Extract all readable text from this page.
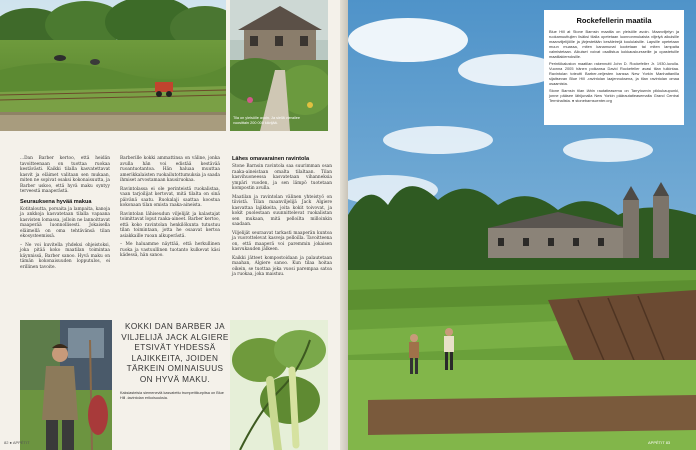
Tila on yleisölle avoin. Ja siellä vierailee vuosittain 200 000 kävijää.

...Dan Barber kertoo, että heidän tavoitteenaan on tuottaa ruokaa kestävästi. Kaikki tilalla kasvatettavat kasvit ja eläimet valitaan sen mukaan, miten ne sopivat osaksi kokonaisuutta, ja Barber uskoo, että hyvä maku syntyy terveestä maaperästä.

Seurauksena hyvää makua

Kotitaloutta, porsaita ja lampaita, kanoja ja ankkoja kasvatetaan tilalla vapaana kasvisten lomassa, jolloin ne lannoittavat maaperää luonnollisesti. Jokaisella eläimellä on oma tehtävänsä tilan ekosysteemissä.

– Ne voi kuvitella yhdeksi ohjeistoksi, joka pitää koko maatilan toimintaa käynnissä, Barber sanoo. Hyvä maku on tämän kokonaisuuden lopputulos, ei erillinen tavoite.

Barberille kokki ammattinsa on väline, jonka avulla hän voi edistää kestävää ruoantuotantoa. Hän haluaa muuttaa amerikkalaisten ruokailutottumuksia ja saada ihmiset arvostamaan kausiruokaa.

Ravintolassa ei ole perinteistä ruokalistaa, vaan tarjoilijat kertovat, mitä tilalta on sinä päivänä saatu. Ruokalaji saattaa koostua kokonaan tilan omista raaka-aineista.

Ravintolan lähiseudun viljelijät ja kalastajat toimittavat loput raaka-aineet. Barber kertoo, että koko ravintolan henkilökunta tutustuu tilan toimintaan, jotta he osaavat kertoa asiakkaille ruoan alkuperästä.

– Me haluamme näyttää, että herkullinen ruoka ja vastuullinen tuotanto kulkevat käsi kädessä, hän sanoo.

Lähes omavarainen ravintola

Stone Barnsin ravintola saa suurimman osan raaka-aineistaan omalta tilaltaan. Tilan kasvihuoneessa kasvatetaan vihanneksia ympäri vuoden, ja sen lämpö tuotetaan kompostin avulla.

Maatilan ja ravintolan välinen yhteistyö on tiivistä. Tilan maanviljelijä Jack Algiere kasvattaa lajikkeita, joita kokit toivovat, ja kokit puolestaan suunnittelevat ruokalistan sen mukaan, mitä pelloilta milloinkin saadaan.

Viljelijät seuraavat tarkasti maaperän kuntoa ja vuorottelevat kasveja pelloilla. Tavoitteena on, että maaperä voi paremmin jokaisen kasvukauden jälkeen.

Kaikki jätteet kompostoidaan ja palautetaan maahan, Algiere sanoo. Kun tilaa hoitaa oikein, se tuottaa joka vuosi parempaa satoa ja ruokaa, joka maistuu.

KOKKI DAN BARBER JA VILJELIJÄ JACK ALGIERE ETSIVÄT YHDESSÄ LAJIKKEITA, JOIDEN TÄRKEIN OMINAISUUS ON HYVÄ MAKU.
Kaksiasteisia siemeneviä kasvatettu trumpettikurpitsa on Blue Hill -tavintolan erikoisuuksia.
Rockefellerin maatila

Blue Hill at Stone Barnsin maatila on yleisölle avoin. Maanviljelyn ja ruokamuuttujien lisäksi tilalla opetetaan luonnonmukaista viljelyä aikuisille maanviljelijöille ja järjestetään kesäleirejä koululaisille. Lapsille opetetaan muun muassa, miten kanamunat kootetaan tai miten lampaita valmistetaan. Aikuiset voivat osallistua kokkauskursseille ja opastetuille maatilakierroksille.

Perintökaluston maatilan rakennutti John D. Rockefeller Jr. 1930-luvulla. Vuonna 2005 hänen poikansa David Rockefeller avasi tilan tulkintaa. Ravintolan toteutti Barber-veljesten kanssa New Yorkin Manhattanilla sijaitsevan Blue Hill -ravintolan laajennuksena, ja tilan ravintolan omaa osaamista.

Stone Barnsin tilan lähin rautatieasema on Tarrytownin pikkukaupunki, jonne pääsee lähijunalla New Yorkin päärautatieasemalta Grand Central Terminalista. ● stonebarnscenter.org

82 ● APPÉTIT	APPÉTIT 83
